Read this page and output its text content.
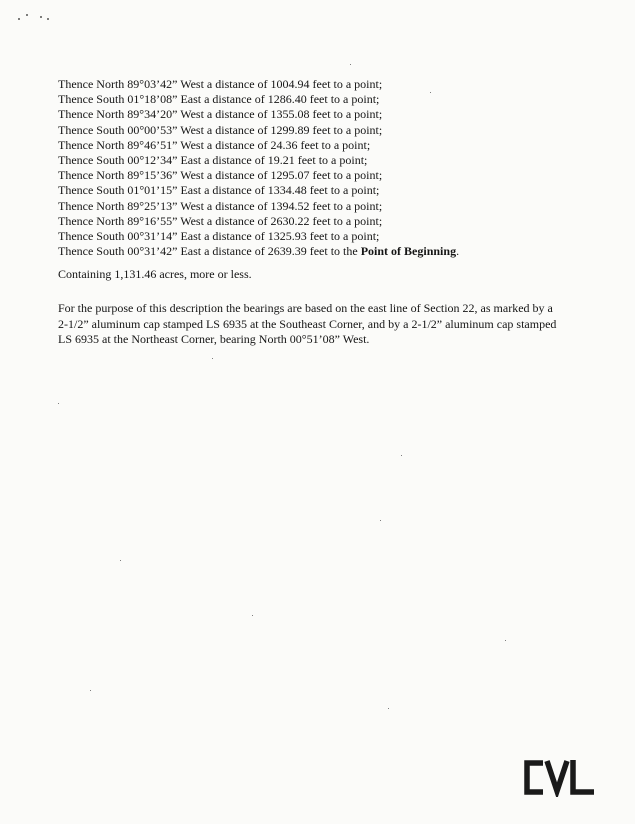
Thence North 89°03’42” West a distance of 1004.94 feet to a point;
Thence South 01°18’08” East a distance of 1286.40 feet to a point;
Thence North 89°34’20” West a distance of 1355.08 feet to a point;
Thence South 00°00’53” West a distance of 1299.89 feet to a point;
Thence North 89°46’51” West a distance of 24.36 feet to a point;
Thence South 00°12’34” East a distance of 19.21 feet to a point;
Thence North 89°15’36” West a distance of 1295.07 feet to a point;
Thence South 01°01’15” East a distance of 1334.48 feet to a point;
Thence North 89°25’13” West a distance of 1394.52 feet to a point;
Thence North 89°16’55” West a distance of 2630.22 feet to a point;
Thence South 00°31’14” East a distance of 1325.93 feet to a point;
Thence South 00°31’42” East a distance of 2639.39 feet to the Point of Beginning.

Containing 1,131.46 acres, more or less.

For the purpose of this description the bearings are based on the east line of Section 22, as marked by a 2-1/2” aluminum cap stamped LS 6935 at the Southeast Corner, and by a 2-1/2” aluminum cap stamped LS 6935 at the Northeast Corner, bearing North 00°51’08” West.
